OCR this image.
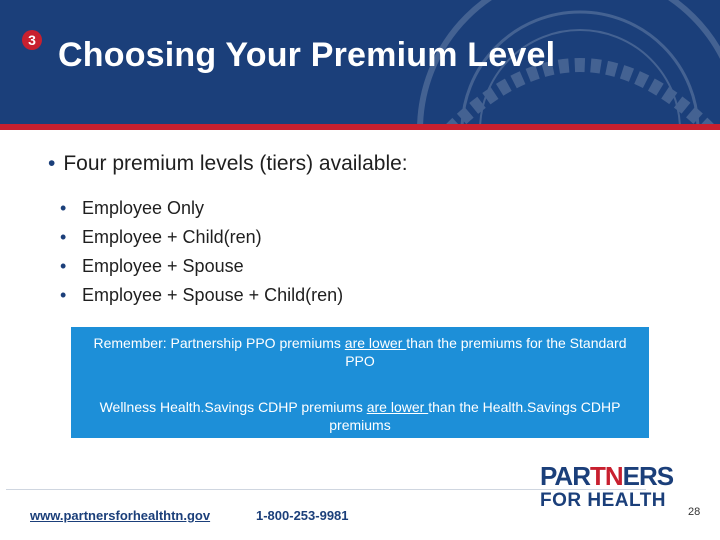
3 Choosing Your Premium Level
• Four premium levels (tiers) available:
• Employee Only
• Employee + Child(ren)
• Employee + Spouse
• Employee + Spouse + Child(ren)

Remember: Partnership PPO premiums are lower than the premiums for the Standard PPO

Wellness Health.Savings CDHP premiums are lower than the Health.Savings CDHP premiums

www.partnersforhealthtn.gov	1-800-253-9981
PARTNERS
FOR HEALTH
28
